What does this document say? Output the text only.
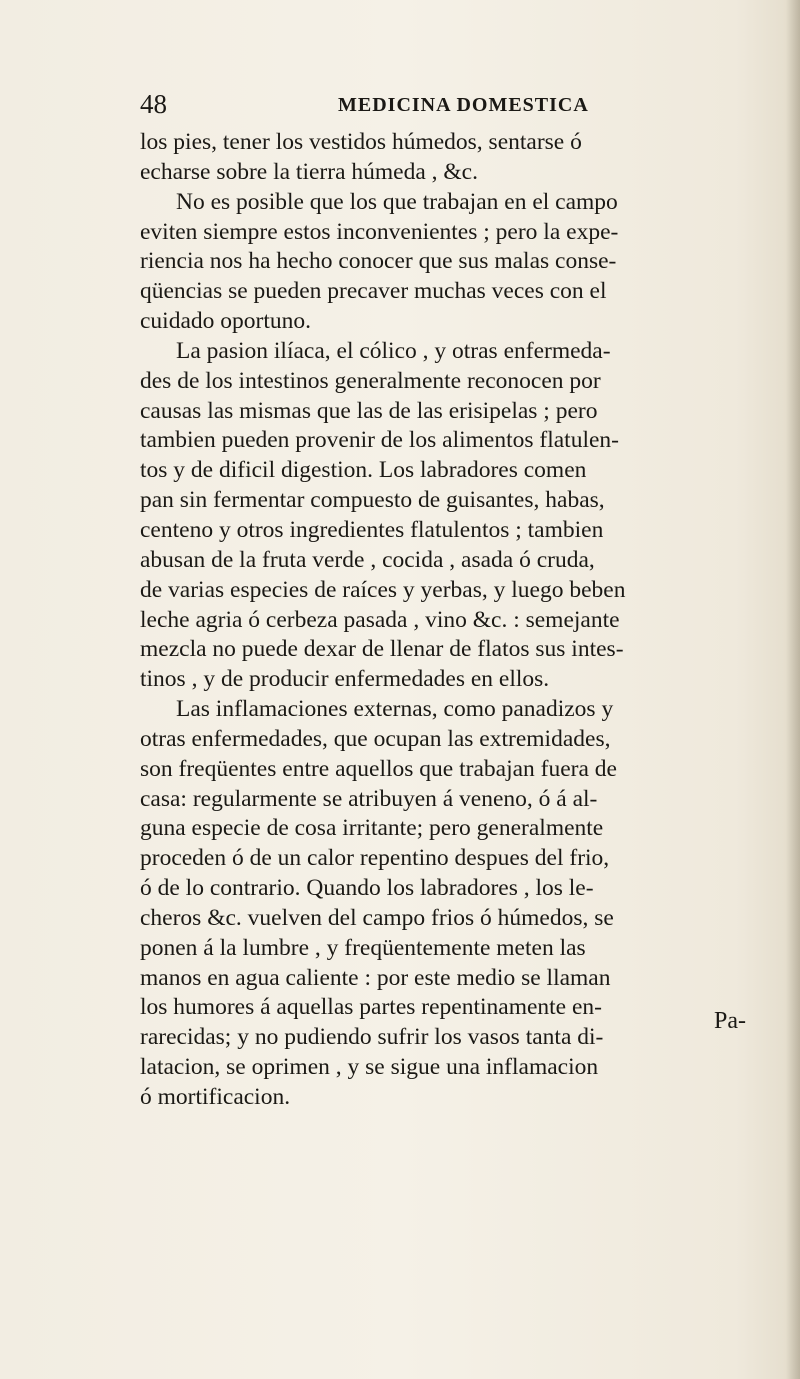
48	MEDICINA DOMESTICA
los pies, tener los vestidos húmedos, sentarse ó
echarse sobre la tierra húmeda , &c.
No es posible que los que trabajan en el campo
eviten siempre estos inconvenientes ; pero la expe-
riencia nos ha hecho conocer que sus malas conse-
qüencias se pueden precaver muchas veces con el
cuidado oportuno.
La pasion ilíaca, el cólico , y otras enfermeda-
des de los intestinos generalmente reconocen por
causas las mismas que las de las erisipelas ; pero
tambien pueden provenir de los alimentos flatulen-
tos y de dificil digestion. Los labradores comen
pan sin fermentar compuesto de guisantes, habas,
centeno y otros ingredientes flatulentos ; tambien
abusan de la fruta verde , cocida , asada ó cruda,
de varias especies de raíces y yerbas, y luego beben
leche agria ó cerbeza pasada , vino &c. : semejante
mezcla no puede dexar de llenar de flatos sus intes-
tinos , y de producir enfermedades en ellos.
Las inflamaciones externas, como panadizos y
otras enfermedades, que ocupan las extremidades,
son freqüentes entre aquellos que trabajan fuera de
casa: regularmente se atribuyen á veneno, ó á al-
guna especie de cosa irritante; pero generalmente
proceden ó de un calor repentino despues del frio,
ó de lo contrario. Quando los labradores , los le-
cheros &c. vuelven del campo frios ó húmedos, se
ponen á la lumbre , y freqüentemente meten las
manos en agua caliente : por este medio se llaman
los humores á aquellas partes repentinamente en-
rarecidas; y no pudiendo sufrir los vasos tanta di-
latacion, se oprimen , y se sigue una inflamacion
ó mortificacion.
Pa-
